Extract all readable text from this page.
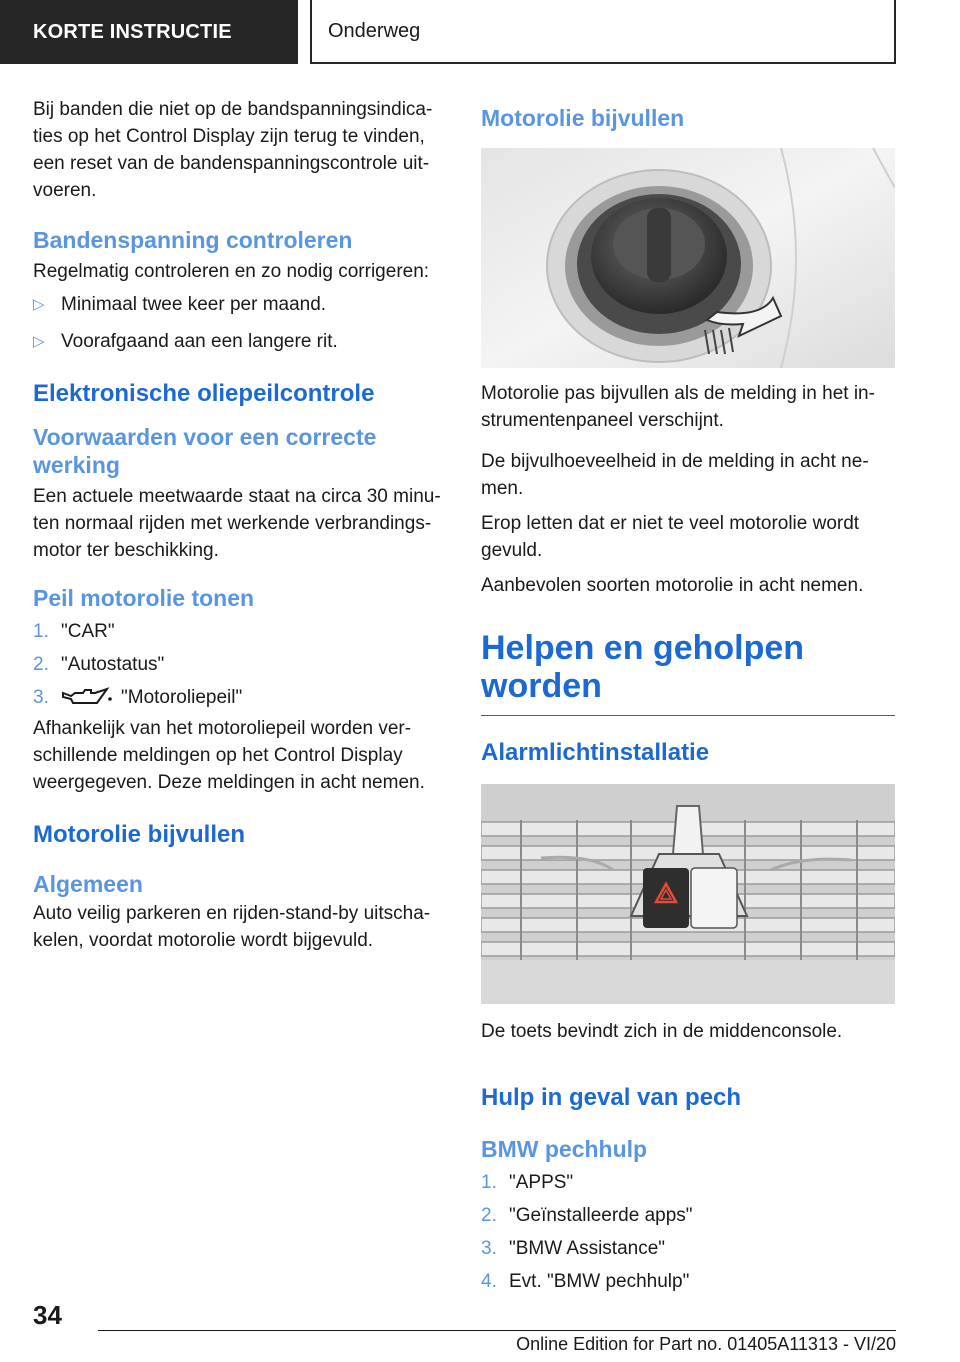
KORTE INSTRUCTIE	Onderweg

Bij banden die niet op de bandspanningsindicaties op het Control Display zijn terug te vinden, een reset van de bandenspanningscontrole uitvoeren.

Bandenspanning controleren

Regelmatig controleren en zo nodig corrigeren:

▷ Minimaal twee keer per maand.
▷ Voorafgaand aan een langere rit.
Elektronische oliepeilcontrole
Voorwaarden voor een correcte werking

Een actuele meetwaarde staat na circa 30 minuten normaal rijden met werkende verbrandingsmotor ter beschikking.

Peil motorolie tonen
1. "CAR"
2. "Autostatus"
3.	"Motoroliepeil"

Afhankelijk van het motoroliepeil worden verschillende meldingen op het Control Display weergegeven. Deze meldingen in acht nemen.

Motorolie bijvullen
Algemeen

Auto veilig parkeren en rijden-stand-by uitschakelen, voordat motorolie wordt bijgevuld.

Motorolie bijvullen

Motorolie pas bijvullen als de melding in het instrumentenpaneel verschijnt.

De bijvulhoeveelheid in de melding in acht nemen.

Erop letten dat er niet te veel motorolie wordt gevuld.

Aanbevolen soorten motorolie in acht nemen.

Helpen en geholpen worden
Alarmlichtinstallatie

De toets bevindt zich in de middenconsole.

Hulp in geval van pech
BMW pechhulp
1. "APPS"
2. "Geïnstalleerde apps"
3. "BMW Assistance"
4. Evt. "BMW pechhulp"
34
Online Edition for Part no. 01405A11313 - VI/20
